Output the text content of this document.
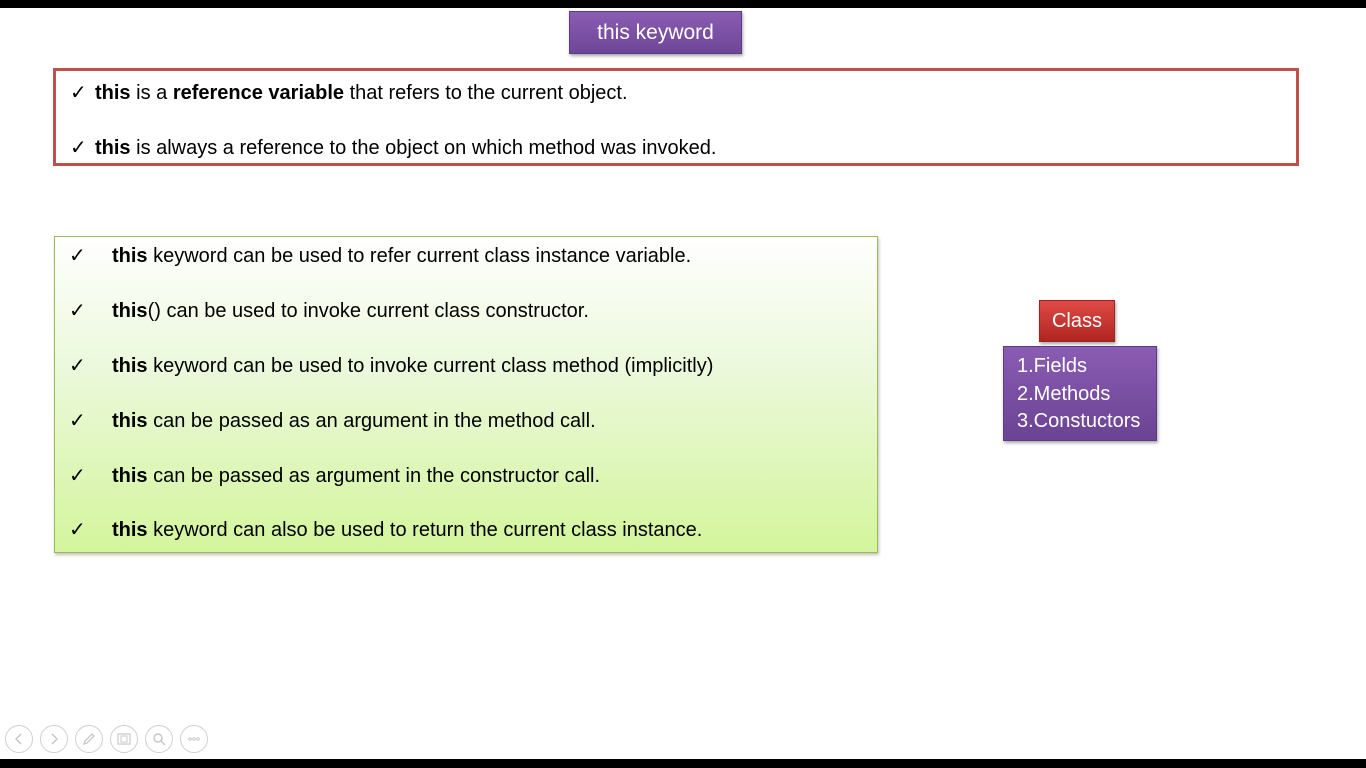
this keyword
✓ this is a reference variable that refers to the current object.
✓ this is always a reference to the object on which method was invoked.
✓ this keyword can be used to refer current class instance variable.
✓ this() can be used to invoke current class constructor.
✓ this keyword can be used to invoke current class method (implicitly)
✓ this can be passed as an argument in the method call.
✓ this can be passed as argument in the constructor call.
✓ this keyword can also be used to return the current class instance.
Class
1.Fields
2.Methods
3.Constuctors
